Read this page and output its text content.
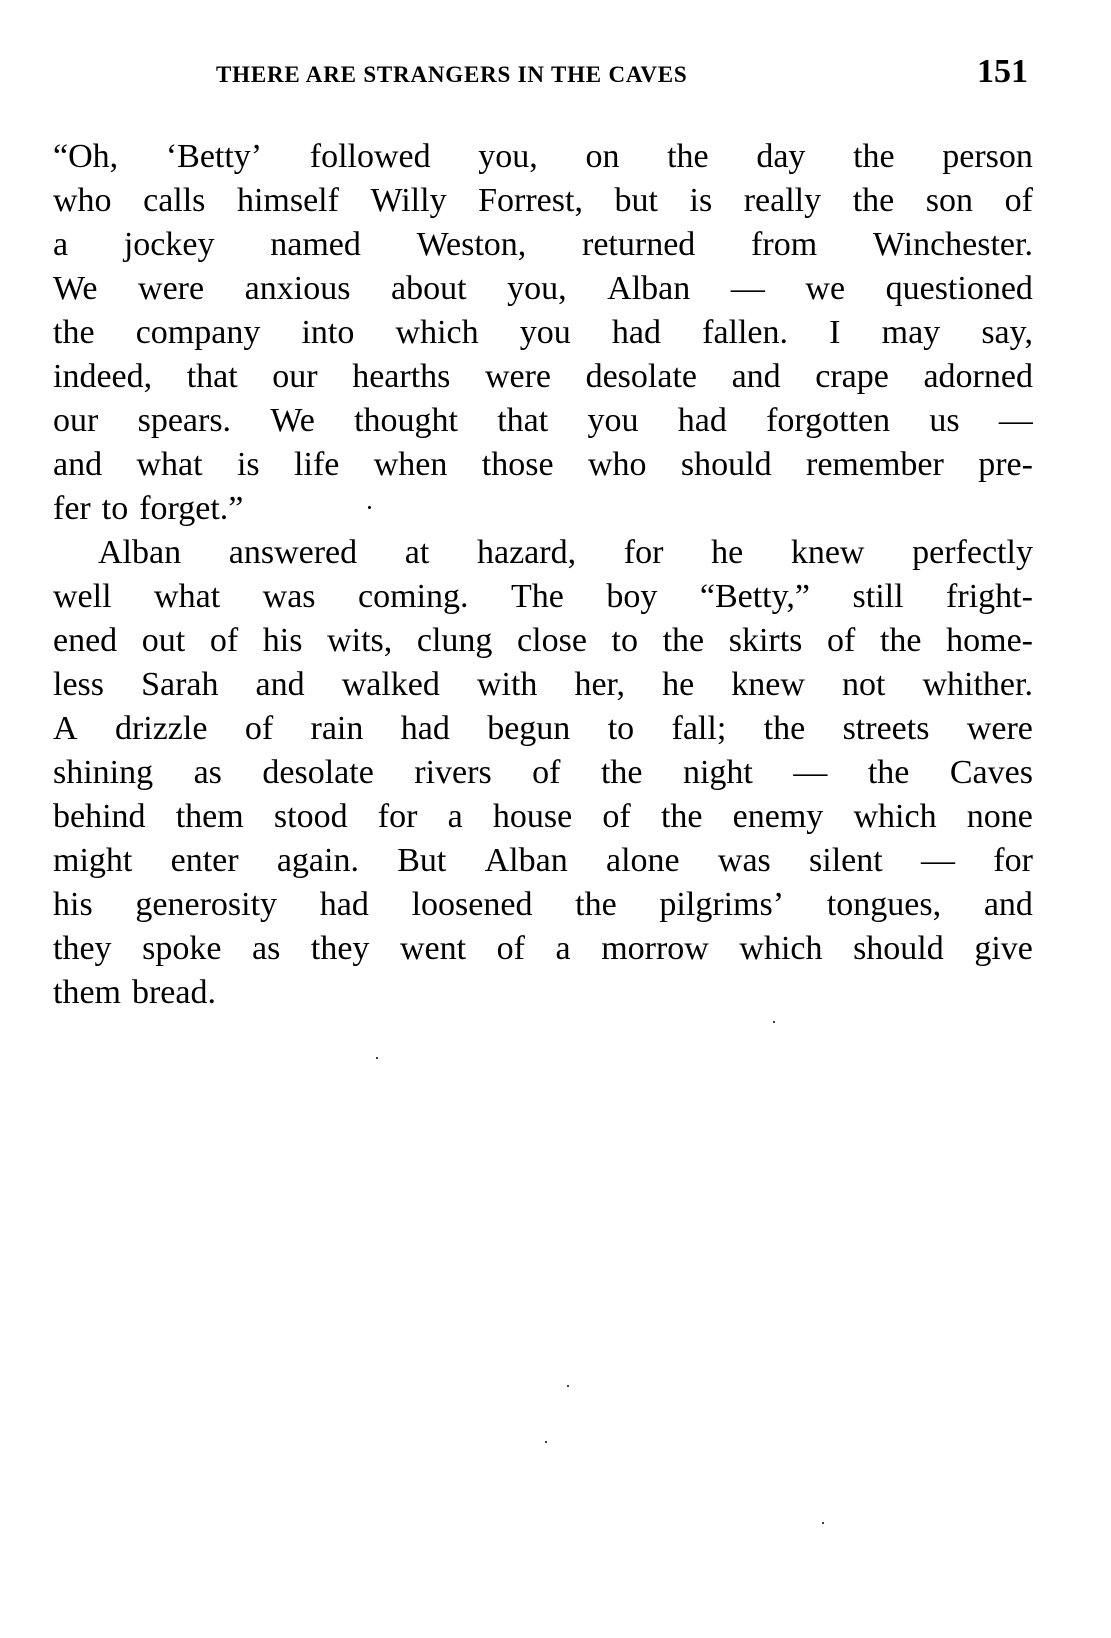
THERE ARE STRANGERS IN THE CAVES	151
“Oh, ‘Betty’ followed you, on the day the person
who calls himself Willy Forrest, but is really the son of
a jockey named Weston, returned from Winchester.
We were anxious about you, Alban — we questioned
the company into which you had fallen. I may say,
indeed, that our hearths were desolate and crape adorned
our spears. We thought that you had forgotten us —
and what is life when those who should remember pre-
fer to forget.”
Alban answered at hazard, for he knew perfectly
well what was coming. The boy “Betty,” still fright-
ened out of his wits, clung close to the skirts of the home-
less Sarah and walked with her, he knew not whither.
A drizzle of rain had begun to fall; the streets were
shining as desolate rivers of the night — the Caves
behind them stood for a house of the enemy which none
might enter again. But Alban alone was silent — for
his generosity had loosened the pilgrims’ tongues, and
they spoke as they went of a morrow which should give
them bread.
